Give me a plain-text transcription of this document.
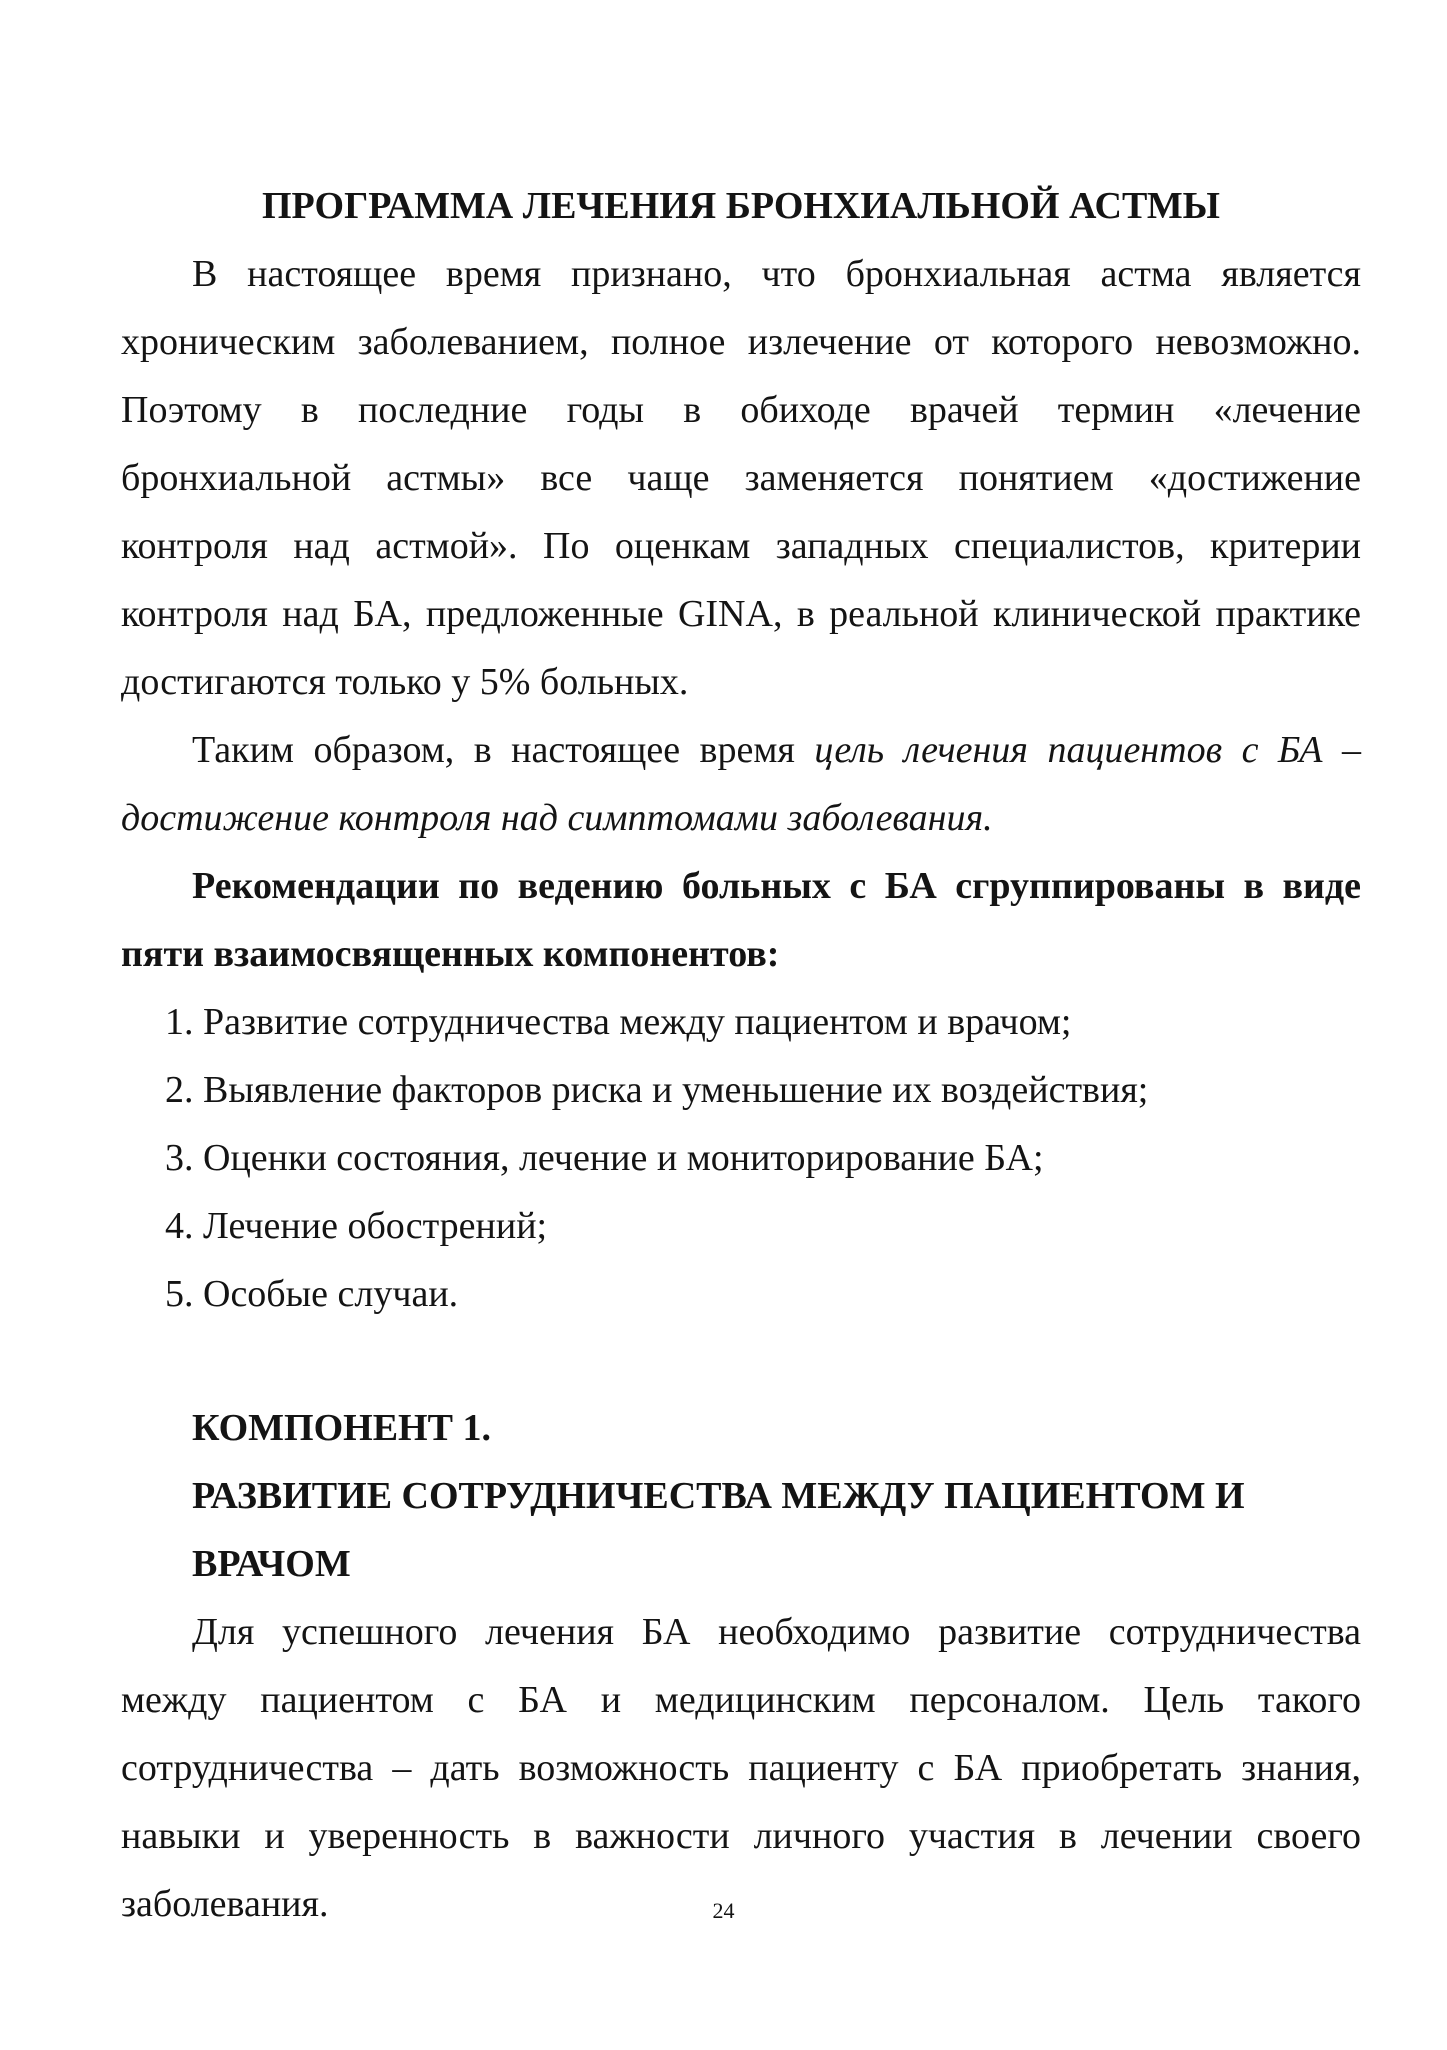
ПРОГРАММА ЛЕЧЕНИЯ БРОНХИАЛЬНОЙ АСТМЫ

В настоящее время признано, что бронхиальная астма является хроническим заболеванием, полное излечение от которого невозможно. Поэтому в последние годы в обиходе врачей термин «лечение бронхиальной астмы» все чаще заменяется понятием «достижение контроля над астмой». По оценкам западных специалистов, критерии контроля над БА, предложенные GINA, в реальной клинической практике достигаются только у 5% больных.

Таким образом, в настоящее время цель лечения пациентов с БА – достижение контроля над симптомами заболевания.

Рекомендации по ведению больных с БА сгруппированы в виде пяти взаимосвященных компонентов:

1. Развитие сотрудничества между пациентом и врачом;
2. Выявление факторов риска и уменьшение их воздействия;
3. Оценки состояния, лечение и мониторирование БА;
4. Лечение обострений;
5. Особые случаи.
КОМПОНЕНТ 1.
РАЗВИТИЕ СОТРУДНИЧЕСТВА МЕЖДУ ПАЦИЕНТОМ И
ВРАЧОМ

Для успешного лечения БА необходимо развитие сотрудничества между пациентом с БА и медицинским персоналом. Цель такого сотрудничества – дать возможность пациенту с БА приобретать знания, навыки и уверенность в важности личного участия в лечении своего заболевания.	24
